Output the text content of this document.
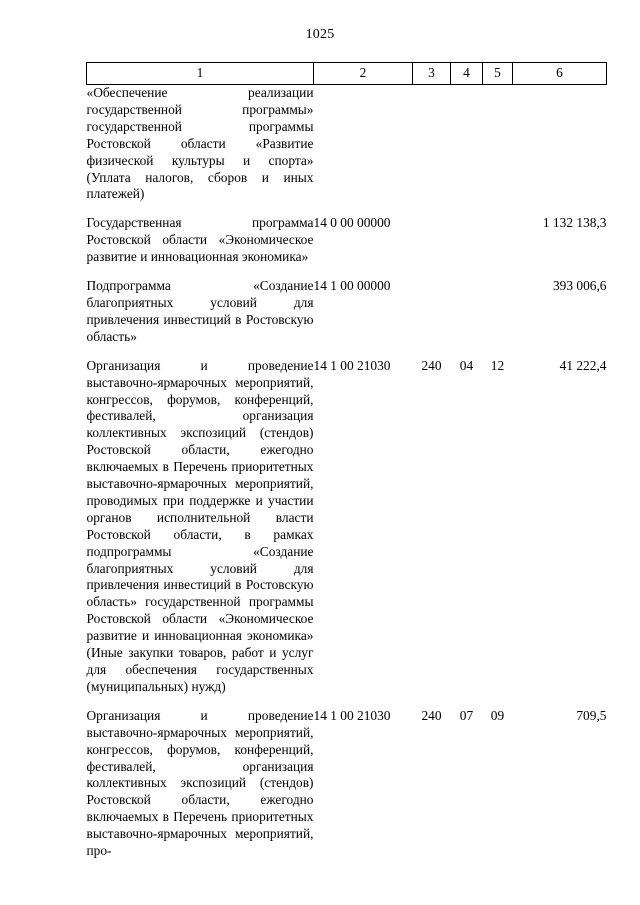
1025
1	2	3	4	5	6
«Обеспечение реализации государственной программы» государственной программы Ростовской области «Развитие физической культуры и спорта» (Уплата налогов, сборов и иных платежей)					
Государственная программа Ростовской области «Экономическое развитие и инновационная экономика»	14 0 00 00000				1 132 138,3
Подпрограмма «Создание благоприятных условий для привлечения инвестиций в Ростовскую область»	14 1 00 00000				393 006,6
Организация и проведение выставочно-ярмарочных мероприятий, конгрессов, форумов, конференций, фестивалей, организация коллективных экспозиций (стендов) Ростовской области, ежегодно включаемых в Перечень приоритетных выставочно-ярмарочных мероприятий, проводимых при поддержке и участии органов исполнительной власти Ростовской области, в рамках подпрограммы «Создание благоприятных условий для привлечения инвестиций в Ростовскую область» государственной программы Ростовской области «Экономическое развитие и инновационная экономика» (Иные закупки товаров, работ и услуг для обеспечения государственных (муниципальных) нужд)	14 1 00 21030	240	04	12	41 222,4
Организация и проведение выставочно-ярмарочных мероприятий, конгрессов, форумов, конференций, фестивалей, организация коллективных экспозиций (стендов) Ростовской области, ежегодно включаемых в Перечень приоритетных выставочно-ярмарочных мероприятий, про-	14 1 00 21030	240	07	09	709,5
